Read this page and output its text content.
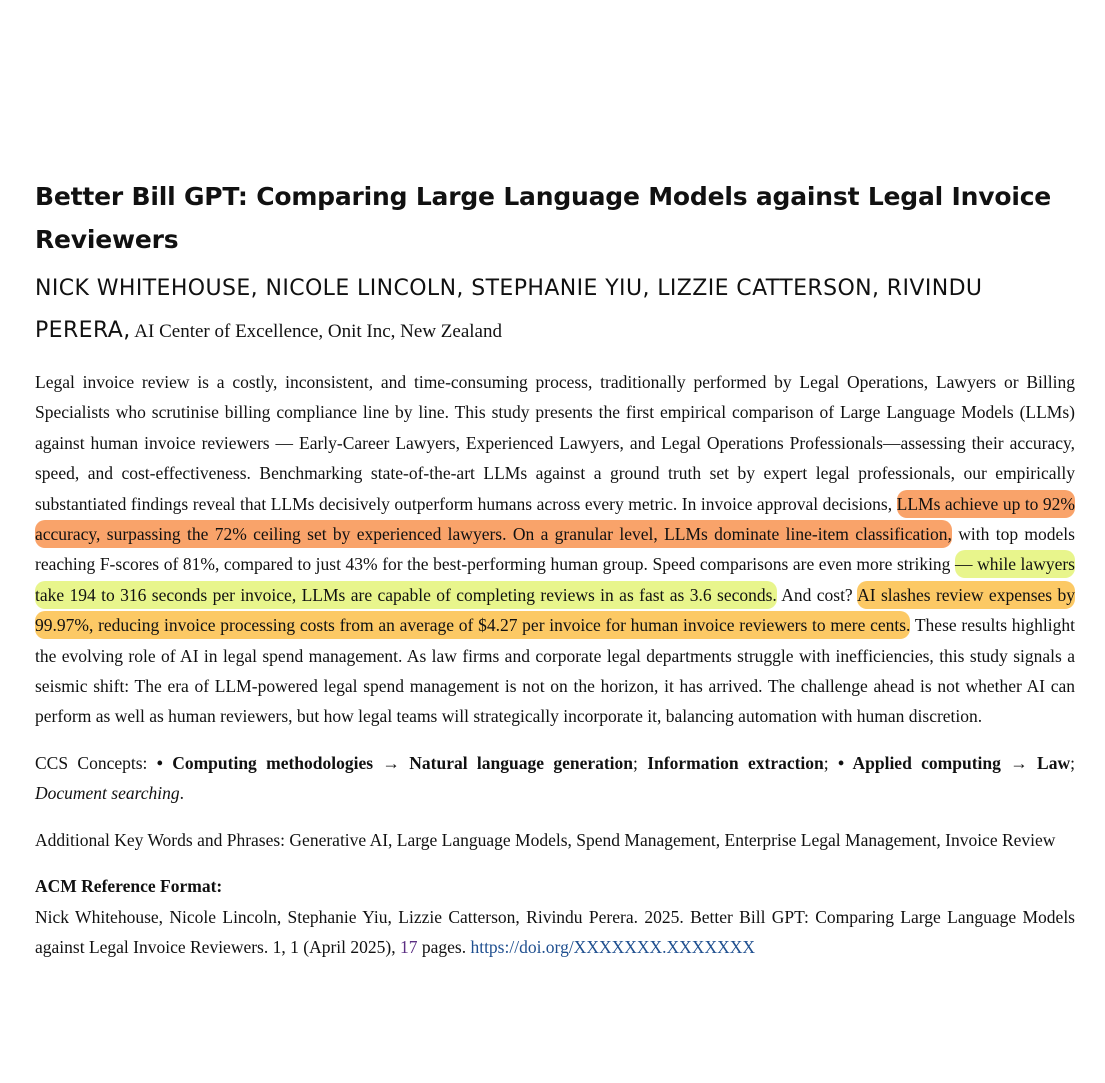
Better Bill GPT: Comparing Large Language Models against Legal Invoice Reviewers
NICK WHITEHOUSE, NICOLE LINCOLN, STEPHANIE YIU, LIZZIE CATTERSON, RIVINDU PERERA, AI Center of Excellence, Onit Inc, New Zealand
Legal invoice review is a costly, inconsistent, and time-consuming process, traditionally performed by Legal Operations, Lawyers or Billing Specialists who scrutinise billing compliance line by line. This study presents the first empirical comparison of Large Language Models (LLMs) against human invoice reviewers — Early-Career Lawyers, Experienced Lawyers, and Legal Operations Professionals—assessing their accuracy, speed, and cost-effectiveness. Benchmarking state-of-the-art LLMs against a ground truth set by expert legal professionals, our empirically substantiated findings reveal that LLMs decisively outperform humans across every metric. In invoice approval decisions, LLMs achieve up to 92% accuracy, surpassing the 72% ceiling set by experienced lawyers. On a granular level, LLMs dominate line-item classification, with top models reaching F-scores of 81%, compared to just 43% for the best-performing human group. Speed comparisons are even more striking — while lawyers take 194 to 316 seconds per invoice, LLMs are capable of completing reviews in as fast as 3.6 seconds. And cost? AI slashes review expenses by 99.97%, reducing invoice processing costs from an average of $4.27 per invoice for human invoice reviewers to mere cents. These results highlight the evolving role of AI in legal spend management. As law firms and corporate legal departments struggle with inefficiencies, this study signals a seismic shift: The era of LLM-powered legal spend management is not on the horizon, it has arrived. The challenge ahead is not whether AI can perform as well as human reviewers, but how legal teams will strategically incorporate it, balancing automation with human discretion.
CCS Concepts: • Computing methodologies → Natural language generation; Information extraction; • Applied computing → Law; Document searching.
Additional Key Words and Phrases: Generative AI, Large Language Models, Spend Management, Enterprise Legal Management, Invoice Review
ACM Reference Format:
Nick Whitehouse, Nicole Lincoln, Stephanie Yiu, Lizzie Catterson, Rivindu Perera. 2025. Better Bill GPT: Comparing Large Language Models against Legal Invoice Reviewers. 1, 1 (April 2025), 17 pages. https://doi.org/XXXXXXX.XXXXXXX
